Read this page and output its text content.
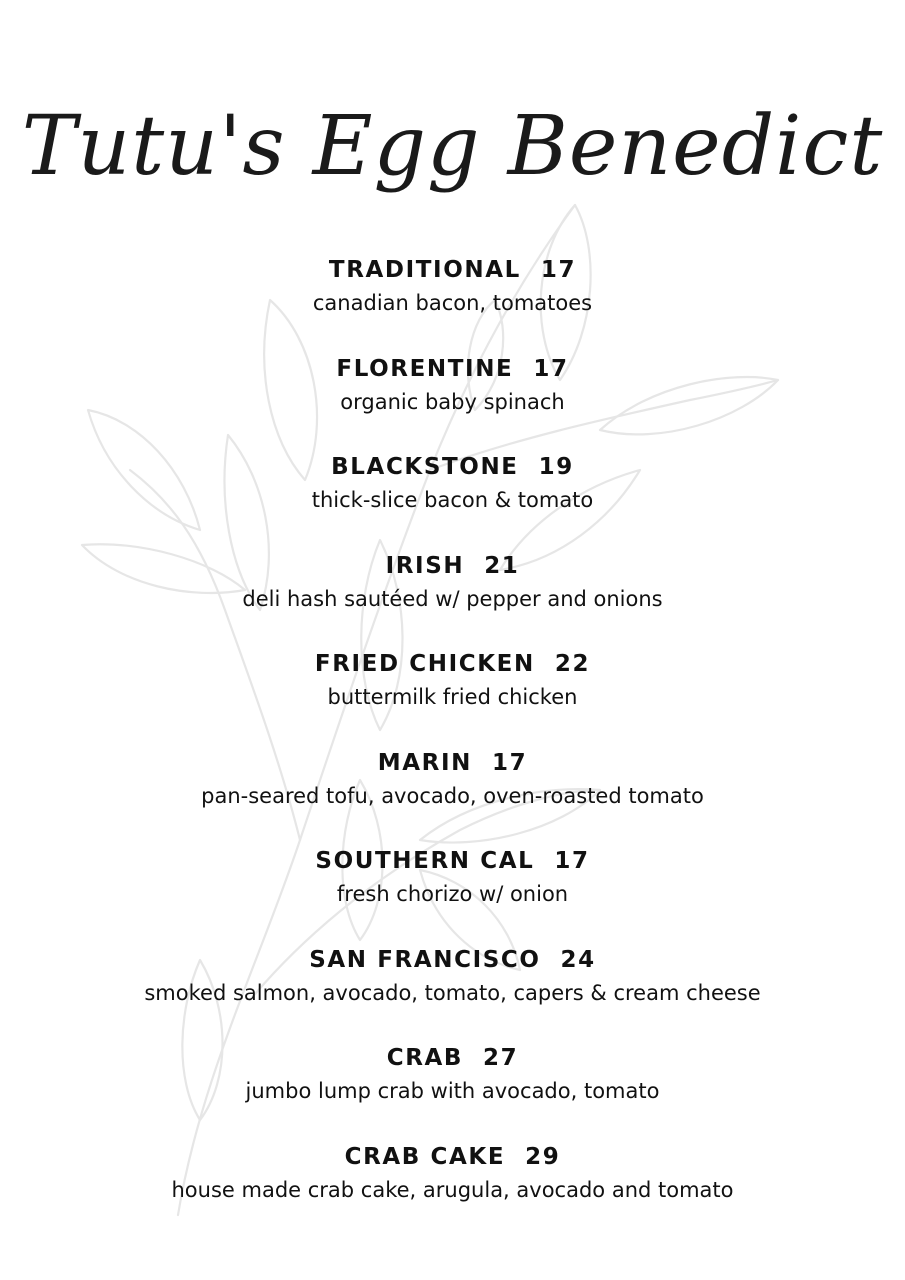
Tutu's Egg Benedict
TRADITIONAL 17
canadian bacon, tomatoes
FLORENTINE 17
organic baby spinach
BLACKSTONE 19
thick-slice bacon & tomato
IRISH 21
deli hash sautéed w/ pepper and onions
FRIED CHICKEN 22
buttermilk fried chicken
MARIN 17
pan-seared tofu, avocado, oven-roasted tomato
SOUTHERN CAL 17
fresh chorizo w/ onion
SAN FRANCISCO 24
smoked salmon, avocado, tomato, capers & cream cheese
CRAB 27
jumbo lump crab with avocado, tomato
CRAB CAKE 29
house made crab cake, arugula, avocado and tomato
